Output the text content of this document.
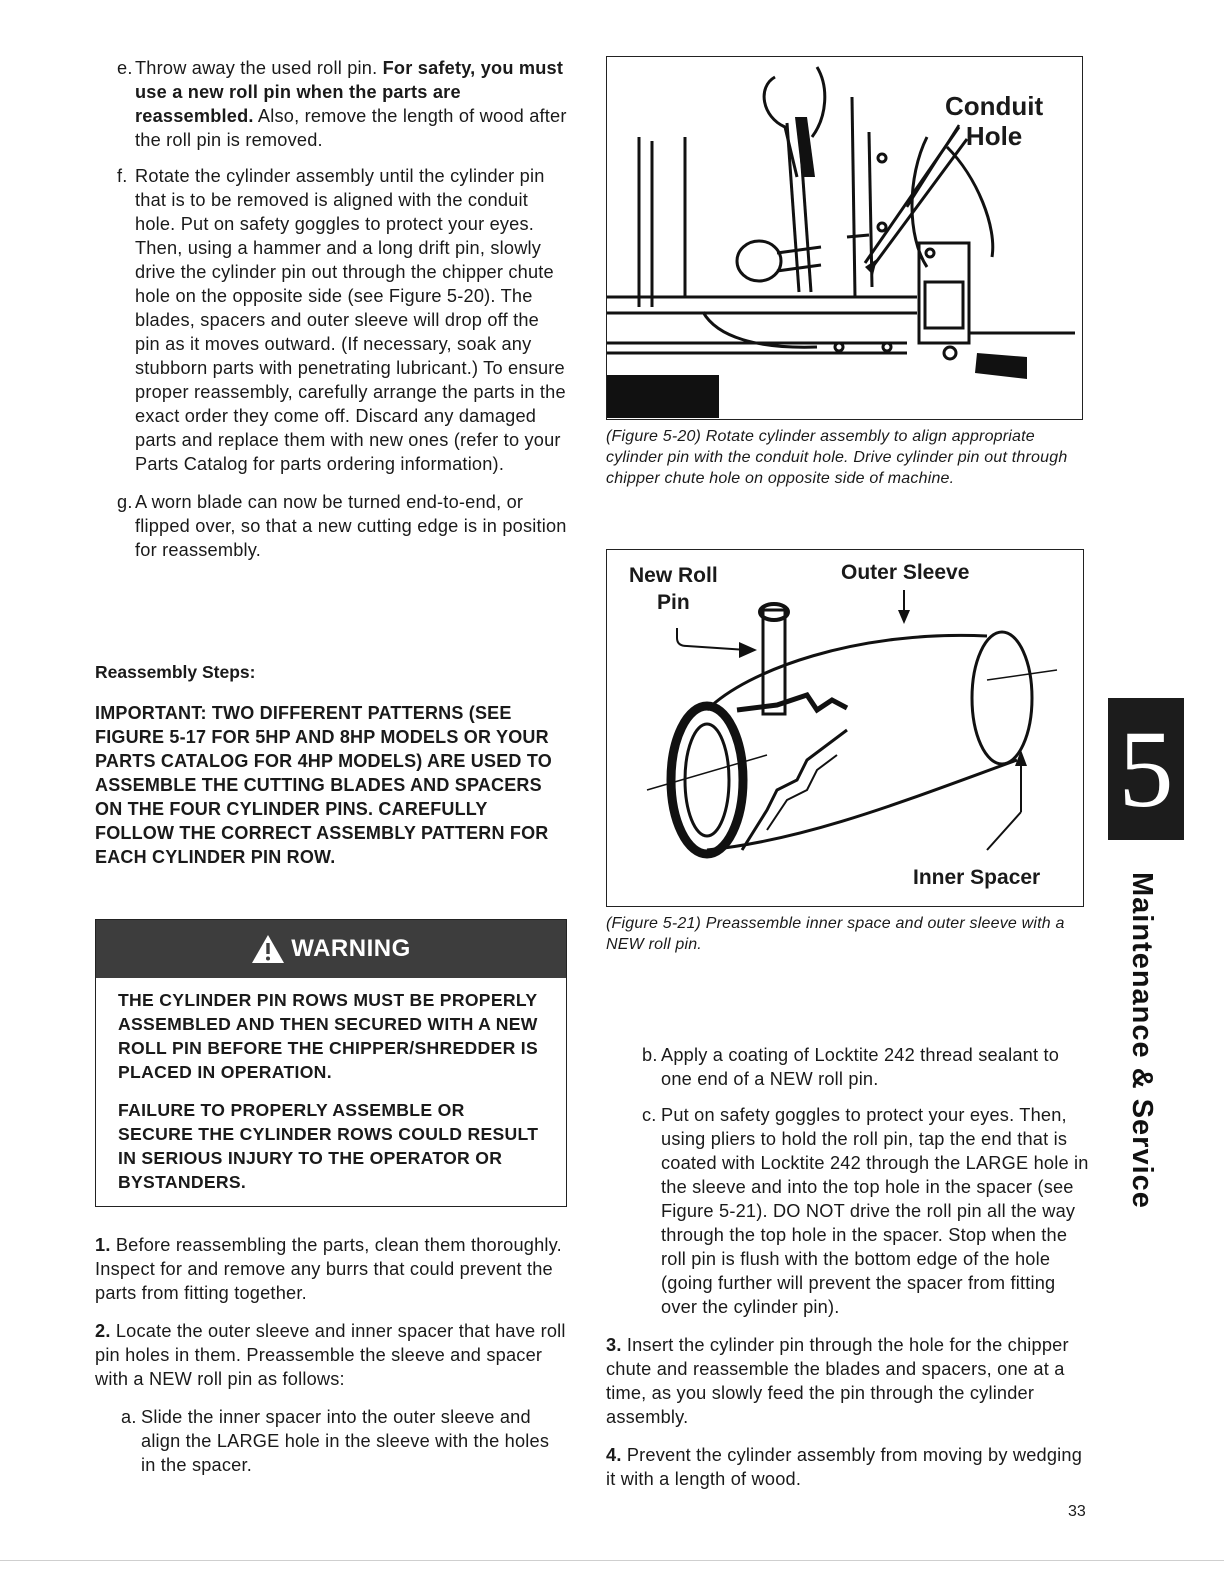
e. Throw away the used roll pin. For safety, you must use a new roll pin when the parts are reassembled. Also, remove the length of wood after the roll pin is removed.
f. Rotate the cylinder assembly until the cylinder pin that is to be removed is aligned with the conduit hole. Put on safety goggles to protect your eyes. Then, using a hammer and a long drift pin, slowly drive the cylinder pin out through the chipper chute hole on the opposite side (see Figure 5-20). The blades, spacers and outer sleeve will drop off the pin as it moves outward. (If necessary, soak any stubborn parts with penetrating lubricant.) To ensure proper reassembly, carefully arrange the parts in the exact order they come off. Discard any damaged parts and replace them with new ones (refer to your Parts Catalog for parts ordering information).
g. A worn blade can now be turned end-to-end, or flipped over, so that a new cutting edge is in position for reassembly.
Reassembly Steps:
IMPORTANT: TWO DIFFERENT PATTERNS (SEE FIGURE 5-17 FOR 5HP AND 8HP MODELS OR YOUR PARTS CATALOG FOR 4HP MODELS) ARE USED TO ASSEMBLE THE CUTTING BLADES AND SPACERS ON THE FOUR CYLINDER PINS. CAREFULLY FOLLOW THE CORRECT ASSEMBLY PATTERN FOR EACH CYLINDER PIN ROW.
WARNING

THE CYLINDER PIN ROWS MUST BE PROPERLY ASSEMBLED AND THEN SECURED WITH A NEW ROLL PIN BEFORE THE CHIPPER/SHREDDER IS PLACED IN OPERATION.

FAILURE TO PROPERLY ASSEMBLE OR SECURE THE CYLINDER ROWS COULD RESULT IN SERIOUS INJURY TO THE OPERATOR OR BYSTANDERS.

1. Before reassembling the parts, clean them thoroughly. Inspect for and remove any burrs that could prevent the parts from fitting together.
2. Locate the outer sleeve and inner spacer that have roll pin holes in them. Preassemble the sleeve and spacer with a NEW roll pin as follows:
a. Slide the inner spacer into the outer sleeve and align the LARGE hole in the sleeve with the holes in the spacer.
Conduit
Hole
(Figure 5-20) Rotate cylinder assembly to align appropriate cylinder pin with the conduit hole. Drive cylinder pin out through chipper chute hole on opposite side of machine.
New Roll
Pin
Outer Sleeve
Inner Spacer
(Figure 5-21) Preassemble inner space and outer sleeve with a NEW roll pin.
b. Apply a coating of Locktite 242 thread sealant to one end of a NEW roll pin.
c. Put on safety goggles to protect your eyes. Then, using pliers to hold the roll pin, tap the end that is coated with Locktite 242 through the LARGE hole in the sleeve and into the top hole in the spacer (see Figure 5-21). DO NOT drive the roll pin all the way through the top hole in the spacer. Stop when the roll pin is flush with the bottom edge of the hole (going further will prevent the spacer from fitting over the cylinder pin).
3. Insert the cylinder pin through the hole for the chipper chute and reassemble the blades and spacers, one at a time, as you slowly feed the pin through the cylinder assembly.
4. Prevent the cylinder assembly from moving by wedging it with a length of wood.
5
Maintenance & Service
33
